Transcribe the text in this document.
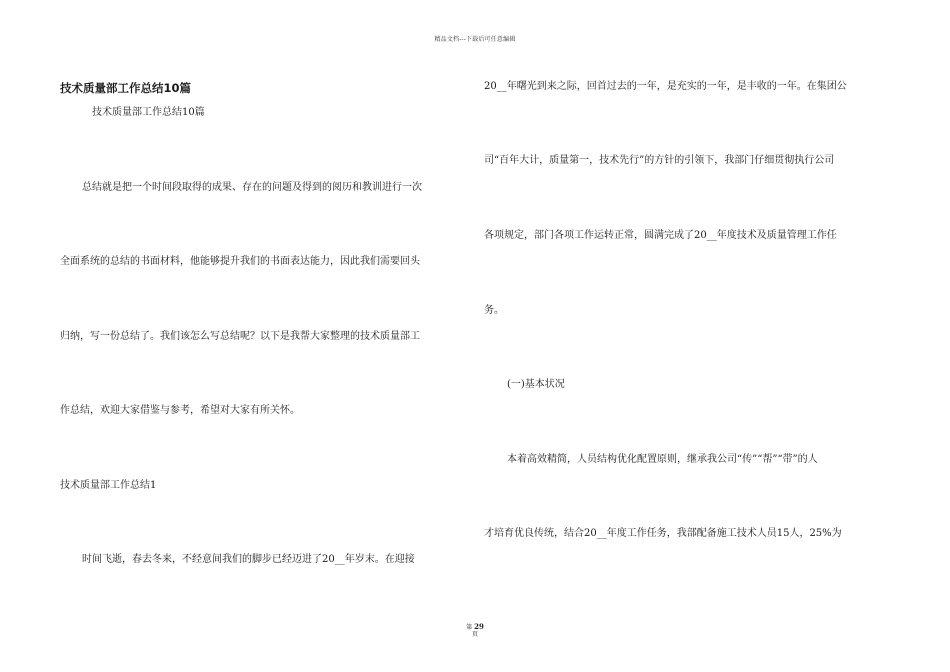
精品文档---下载后可任意编辑
技术质量部工作总结10篇
技术质量部工作总结10篇
总结就是把一个时间段取得的成果、存在的问题及得到的阅历和教训进行一次
全面系统的总结的书面材料，他能够提升我们的书面表达能力，因此我们需要回头
归纳，写一份总结了。我们该怎么写总结呢？以下是我帮大家整理的技术质量部工
作总结，欢迎大家借鉴与参考，希望对大家有所关怀。
技术质量部工作总结1
时间飞逝，春去冬来，不经意间我们的脚步已经迈进了20__年岁末。在迎接
20__年曙光到来之际，回首过去的一年，是充实的一年，是丰收的一年。在集团公
司“百年大计，质量第一，技术先行”的方针的引领下，我部门仔细贯彻执行公司
各项规定，部门各项工作运转正常，圆满完成了20__年度技术及质量管理工作任
务。
(一)基本状况
本着高效精简，人员结构优化配置原则，继承我公司“传”“帮”“带”的人
才培育优良传统，结合20__年度工作任务，我部配备施工技术人员15人，25%为
第 29
页
